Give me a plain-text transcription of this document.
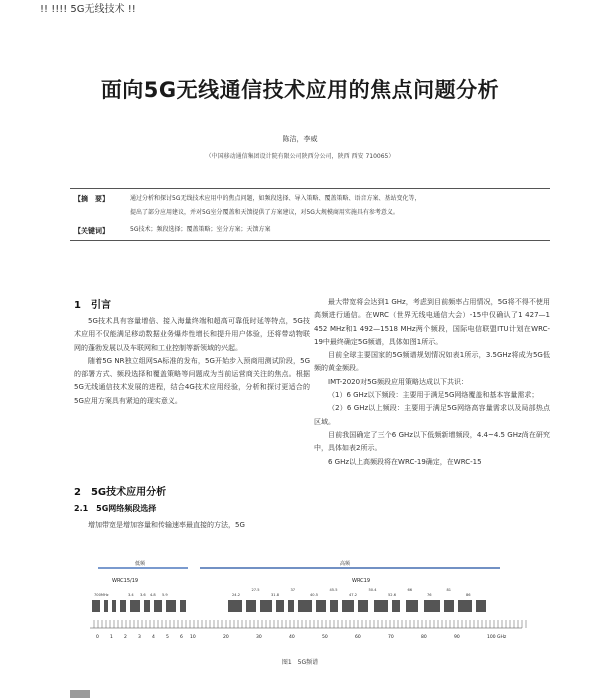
!! !!!! 5G无线技术 !!
面向5G无线通信技术应用的焦点问题分析
陈洁，李威
（中国移动通信集团设计院有限公司陕西分公司，陕西 西安 710065）
【摘　要】	通过分析和探讨5G无线技术应用中的焦点问题，如频段选择、导入策略、覆盖策略、语音方案、基站变化等，
提出了部分应用建议，并对5G室分覆盖和天馈提供了方案建议，对5G大规模商用实施具有参考意义。
【关键词】	5G技术；频段选择；覆盖策略；室分方案；天馈方案
1　引言

5G技术具有容量增倍、接入海量终端和超高可靠低时延等特点，5G技术应用不仅能满足移动数据业务爆炸性增长和提升用户体验，还将带动物联网的蓬勃发展以及车联网和工业控制等新领域的兴起。

随着5G NR独立组网SA标准的发布，5G开始步入预商用测试阶段，5G的部署方式、频段选择和覆盖策略等问题成为当前运营商关注的焦点。根据5G无线通信技术发展的进程，结合4G技术应用经验，分析和探讨更适合的5G应用方案具有紧迫的现实意义。

2　5G技术应用分析
2.1　5G网络频段选择

增加带宽是增加容量和传输速率最直接的方法，5G

最大带宽将会达到1 GHz，考虑到目前频率占用情况，5G将不得不使用高频进行通信。在WRC（世界无线电通信大会）-15中仅确认了1 427—1 452 MHz和1 492—1518 MHz两个频段，国际电信联盟ITU计划在WRC-19中最终确定5G频谱，具体如图1所示。

目前全球主要国家的5G频谱规划情况如表1所示，3.5GHz将成为5G低频的黄金频段。

IMT-2020对5G频段应用策略达成以下共识：

（1）6 GHz以下频段：主要用于满足5G网络覆盖和基本容量需求；

（2）6 GHz以上频段：主要用于满足5G网络高容量需求以及局部热点区域。

目前我国确定了三个6 GHz以下低频新增频段，4.4~4.5 GHz尚在研究中，具体如表2所示。

6 GHz以上高频段将在WRC-19确定，在WRC-15

低频	高频
WRC15/19	WRC19
700MHz	3.4 3.6 4.8 5.9	24.2
27.5
31.8
37
40.5
45.5
47.2
50.4
52.6
66
76
81
86
0 1 2 3 4 5 6 10	20	30	40	50	60	70	80	90	100 GHz
图1　5G频谱
